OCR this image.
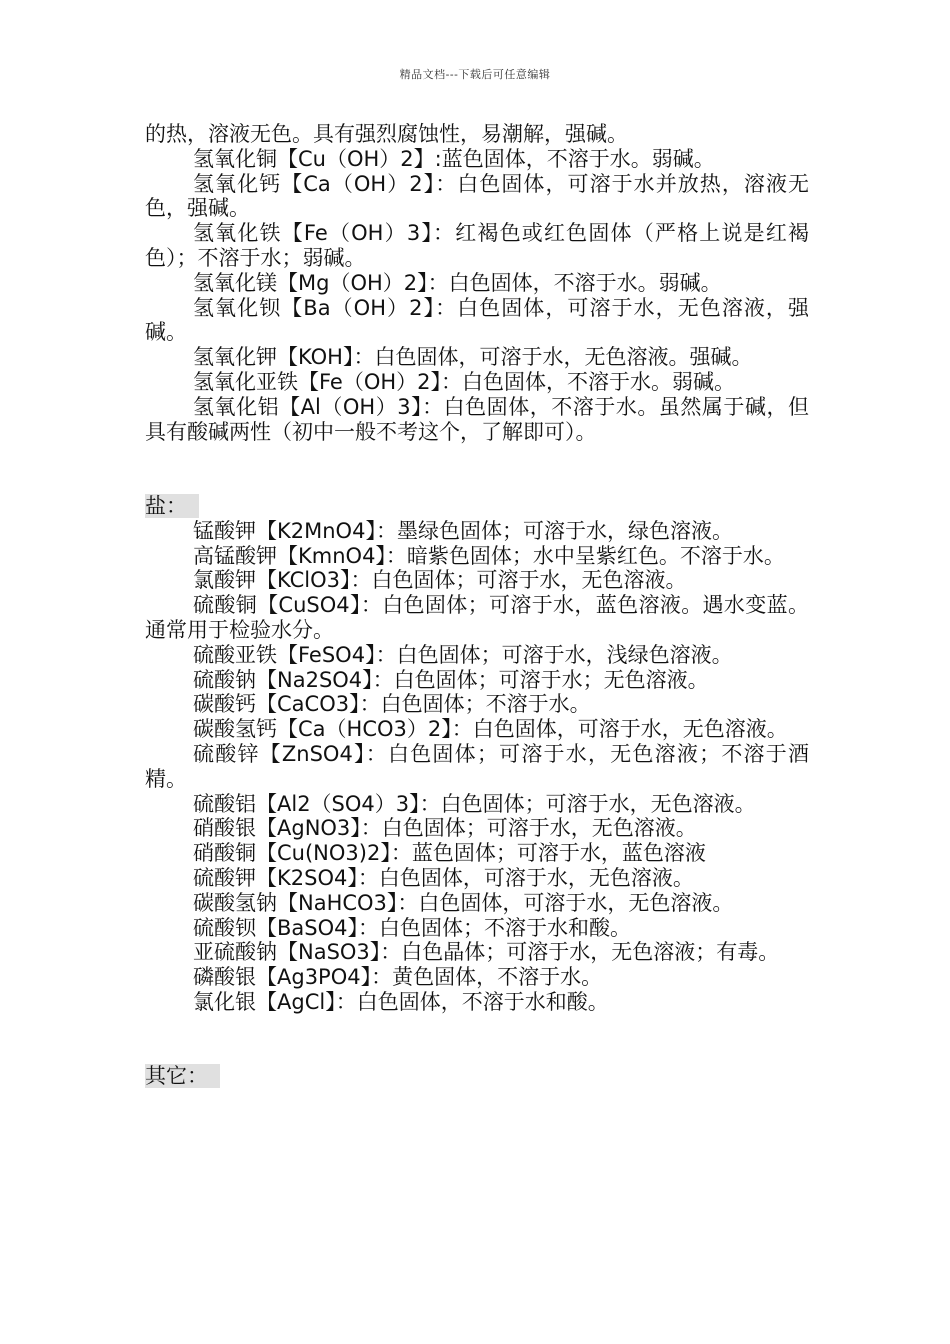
精品文档---下载后可任意编辑

的热，溶液无色。具有强烈腐蚀性，易潮解，强碱。

氢氧化铜【Cu（OH）2】:蓝色固体，不溶于水。弱碱。

氢氧化钙【Ca（OH）2】：白色固体，可溶于水并放热，溶液无色，强碱。

氢氧化铁【Fe（OH）3】：红褐色或红色固体（严格上说是红褐色）；不溶于水；弱碱。

氢氧化镁【Mg（OH）2】：白色固体，不溶于水。弱碱。

氢氧化钡【Ba（OH）2】：白色固体，可溶于水，无色溶液，强碱。

氢氧化钾【KOH】：白色固体，可溶于水，无色溶液。强碱。

氢氧化亚铁【Fe（OH）2】：白色固体，不溶于水。弱碱。

氢氧化铝【Al（OH）3】：白色固体，不溶于水。虽然属于碱，但具有酸碱两性（初中一般不考这个，了解即可）。

盐：

锰酸钾【K2MnO4】：墨绿色固体；可溶于水，绿色溶液。

高锰酸钾【KmnO4】：暗紫色固体；水中呈紫红色。不溶于水。

氯酸钾【KClO3】：白色固体；可溶于水，无色溶液。

硫酸铜【CuSO4】：白色固体；可溶于水，蓝色溶液。遇水变蓝。通常用于检验水分。

硫酸亚铁【FeSO4】：白色固体；可溶于水，浅绿色溶液。

硫酸钠【Na2SO4】：白色固体；可溶于水；无色溶液。

碳酸钙【CaCO3】：白色固体；不溶于水。

碳酸氢钙【Ca（HCO3）2】：白色固体，可溶于水，无色溶液。

硫酸锌【ZnSO4】：白色固体；可溶于水，无色溶液；不溶于酒精。

硫酸铝【Al2（SO4）3】：白色固体；可溶于水，无色溶液。

硝酸银【AgNO3】：白色固体；可溶于水，无色溶液。

硝酸铜【Cu(NO3)2】：蓝色固体；可溶于水，蓝色溶液

硫酸钾【K2SO4】：白色固体，可溶于水，无色溶液。

碳酸氢钠【NaHCO3】：白色固体，可溶于水，无色溶液。

硫酸钡【BaSO4】：白色固体；不溶于水和酸。

亚硫酸钠【NaSO3】：白色晶体；可溶于水，无色溶液；有毒。

磷酸银【Ag3PO4】：黄色固体，不溶于水。

氯化银【AgCl】：白色固体，不溶于水和酸。

其它：
